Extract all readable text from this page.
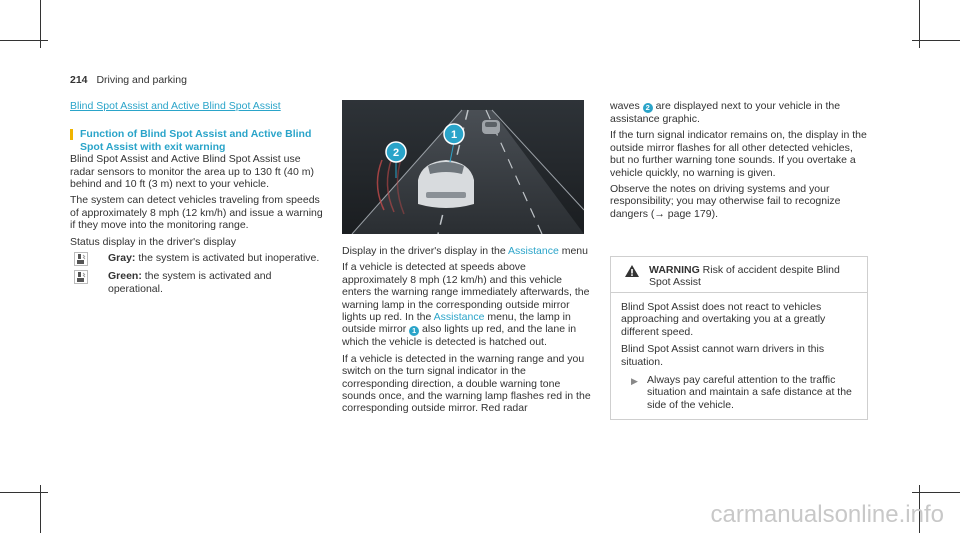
214 Driving and parking
Blind Spot Assist and Active Blind Spot Assist
Function of Blind Spot Assist and Active Blind Spot Assist with exit warning

Blind Spot Assist and Active Blind Spot Assist use radar sensors to monitor the area up to 130 ft (40 m) behind and 10 ft (3 m) next to your vehicle.

The system can detect vehicles traveling from speeds of approximately 8 mph (12 km/h) and issue a warning if they move into the monitoring range.

Status display in the driver's display

Gray: the system is activated but inoperative.
Green: the system is activated and operational.
2
1

Display in the driver's display in the Assistance menu

If a vehicle is detected at speeds above approximately 8 mph (12 km/h) and this vehicle enters the warning range immediately afterwards, the warning lamp in the corresponding outside mirror lights up red. In the Assistance menu, the lamp in outside mirror 1 also lights up red, and the lane in which the vehicle is detected is hatched out.

If a vehicle is detected in the warning range and you switch on the turn signal indicator in the corresponding direction, a double warning tone sounds once, and the warning lamp flashes red in the corresponding outside mirror. Red radar

waves 2 are displayed next to your vehicle in the assistance graphic.

If the turn signal indicator remains on, the display in the outside mirror flashes for all other detected vehicles, but no further warning tone sounds. If you overtake a vehicle quickly, no warning is given.

Observe the notes on driving systems and your responsibility; you may otherwise fail to recognize dangers (→ page 179).

WARNING Risk of accident despite Blind Spot Assist

Blind Spot Assist does not react to vehicles approaching and overtaking you at a greatly different speed.

Blind Spot Assist cannot warn drivers in this situation.

▶ Always pay careful attention to the traffic situation and maintain a safe distance at the side of the vehicle.
carmanualsonline.info
